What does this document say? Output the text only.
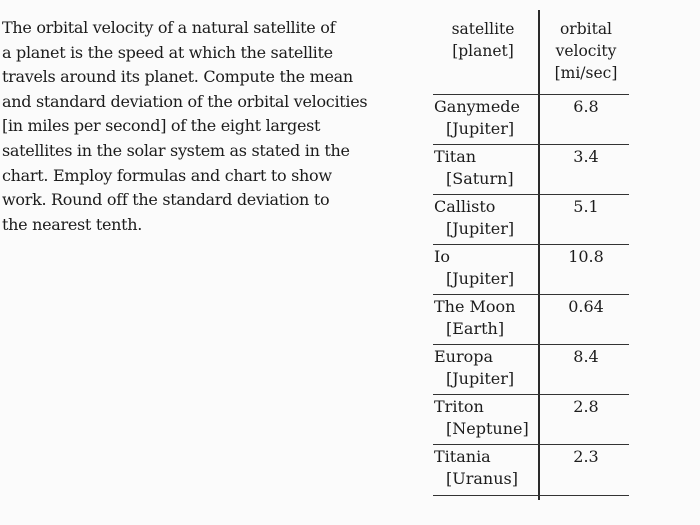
The orbital velocity of a natural satellite of
a planet is the speed at which the satellite
travels around its planet. Compute the mean
and standard deviation of the orbital velocities
[in miles per second] of the eight largest
satellites in the solar system as stated in the
chart. Employ formulas and chart to show
work. Round off the standard deviation to
the nearest tenth.
satellite
[planet]
orbital
velocity
[mi/sec]
Ganymede
[Jupiter]
6.8
Titan
[Saturn]
3.4
Callisto
[Jupiter]
5.1
Io
[Jupiter]
10.8
The Moon
[Earth]
0.64
Europa
[Jupiter]
8.4
Triton
[Neptune]
2.8
Titania
[Uranus]
2.3
